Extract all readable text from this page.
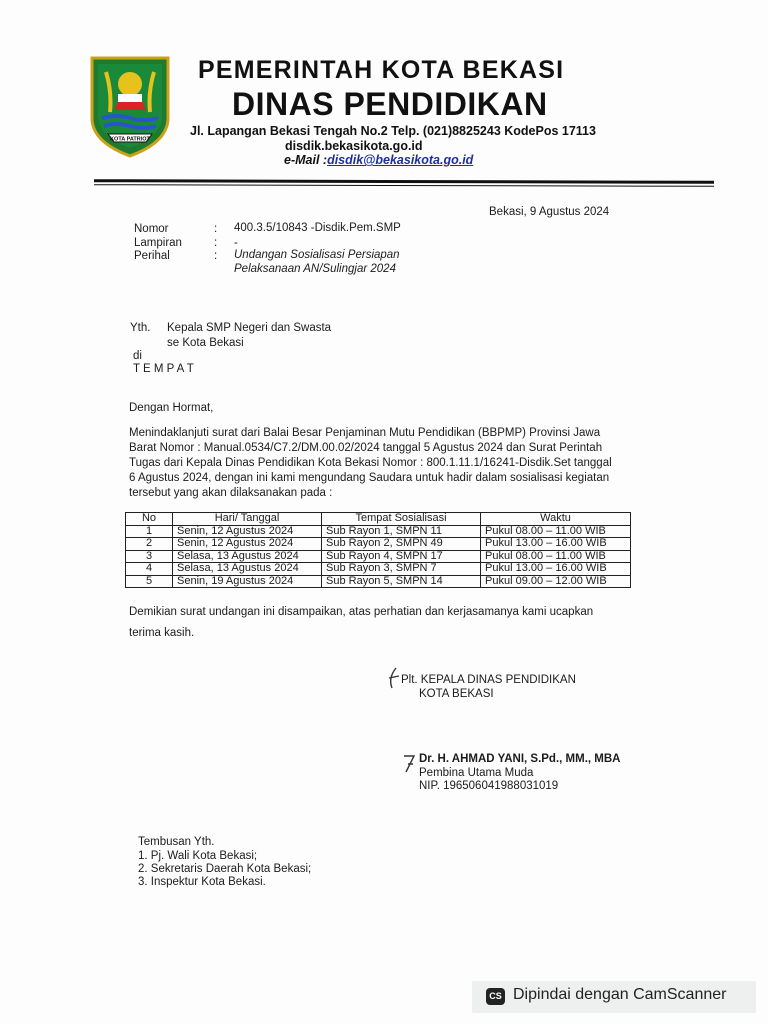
KOTA PATRIOT
PEMERINTAH KOTA BEKASI
DINAS PENDIDIKAN
Jl. Lapangan Bekasi Tengah No.2 Telp. (021)8825243 KodePos 17113
disdik.bekasikota.go.id
e-Mail :disdik@bekasikota.go.id
Bekasi, 9 Agustus 2024
Nomor	: 400.3.5/10843 -Disdik.Pem.SMP
Lampiran	: -
Perihal	: Undangan Sosialisasi Persiapan
Pelaksanaan AN/Sulingjar 2024
Yth. Kepala SMP Negeri dan Swasta
se Kota Bekasi
di
T E M P A T
Dengan Hormat,
Menindaklanjuti surat dari Balai Besar Penjaminan Mutu Pendidikan (BBPMP) Provinsi Jawa
Barat Nomor : Manual.0534/C7.2/DM.00.02/2024 tanggal 5 Agustus 2024 dan Surat Perintah
Tugas dari Kepala Dinas Pendidikan Kota Bekasi Nomor : 800.1.11.1/16241-Disdik.Set tanggal
6 Agustus 2024, dengan ini kami mengundang Saudara untuk hadir dalam sosialisasi kegiatan
tersebut yang akan dilaksanakan pada :
No	Hari/ Tanggal	Tempat Sosialisasi	Waktu
1	Senin, 12 Agustus 2024	Sub Rayon 1, SMPN 11	Pukul 08.00 – 11.00 WIB
2	Senin, 12 Agustus 2024	Sub Rayon 2, SMPN 49	Pukul 13.00 – 16.00 WIB
3	Selasa, 13 Agustus 2024	Sub Rayon 4, SMPN 17	Pukul 08.00 – 11.00 WIB
4	Selasa, 13 Agustus 2024	Sub Rayon 3, SMPN 7	Pukul 13.00 – 16.00 WIB
5	Senin, 19 Agustus 2024	Sub Rayon 5, SMPN 14	Pukul 09.00 – 12.00 WIB
Demikian surat undangan ini disampaikan, atas perhatian dan kerjasamanya kami ucapkan
terima kasih.
Plt. KEPALA DINAS PENDIDIKAN
KOTA BEKASI
Dr. H. AHMAD YANI, S.Pd., MM., MBA
Pembina Utama Muda
NIP. 196506041988031019
Tembusan Yth.
1. Pj. Wali Kota Bekasi;
2. Sekretaris Daerah Kota Bekasi;
3. Inspektur Kota Bekasi.
CS Dipindai dengan CamScanner
